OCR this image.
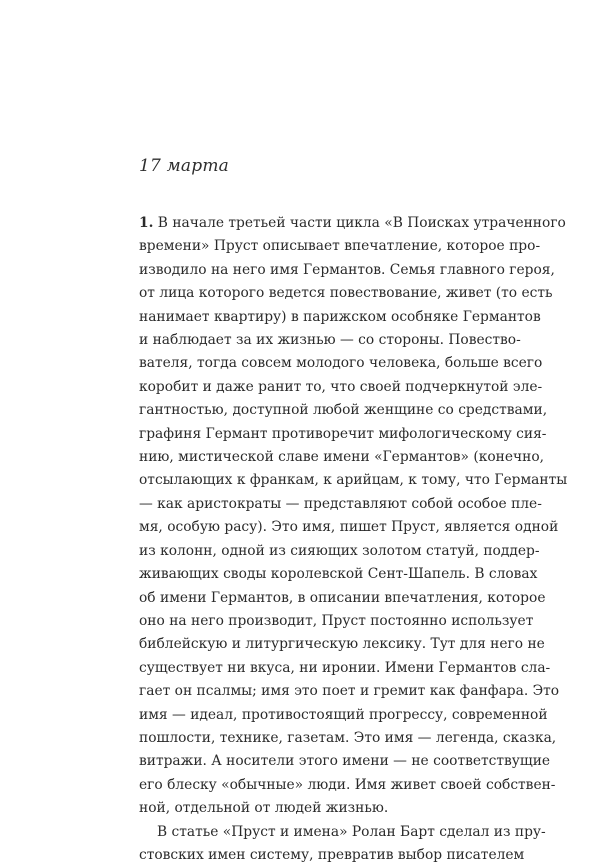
17 марта
1. В начале третьей части цикла «В Поисках утраченного
времени» Пруст описывает впечатление, которое про-
изводило на него имя Германтов. Семья главного героя,
от лица которого ведется повествование, живет (то есть
нанимает квартиру) в парижском особняке Германтов
и наблюдает за их жизнью — со стороны. Повество-
вателя, тогда совсем молодого человека, больше всего
коробит и даже ранит то, что своей подчеркнутой эле-
гантностью, доступной любой женщине со средствами,
графиня Германт противоречит мифологическому сия-
нию, мистической славе имени «Германтов» (конечно,
отсылающих к франкам, к арийцам, к тому, что Германты
— как аристократы — представляют собой особое пле-
мя, особую расу). Это имя, пишет Пруст, является одной
из колонн, одной из сияющих золотом статуй, поддер-
живающих своды королевской Сент-Шапель. В словах
об имени Германтов, в описании впечатления, которое
оно на него производит, Пруст постоянно использует
библейскую и литургическую лексику. Тут для него не
существует ни вкуса, ни иронии. Имени Германтов сла-
гает он псалмы; имя это поет и гремит как фанфара. Это
имя — идеал, противостоящий прогрессу, современной
пошлости, технике, газетам. Это имя — легенда, сказка,
витражи. А носители этого имени — не соответствущие
его блеску «обычные» люди. Имя живет своей собствен-
ной, отдельной от людей жизнью.
В статье «Пруст и имена» Ролан Барт сделал из пру-
стовских имен систему, превратив выбор писателем
